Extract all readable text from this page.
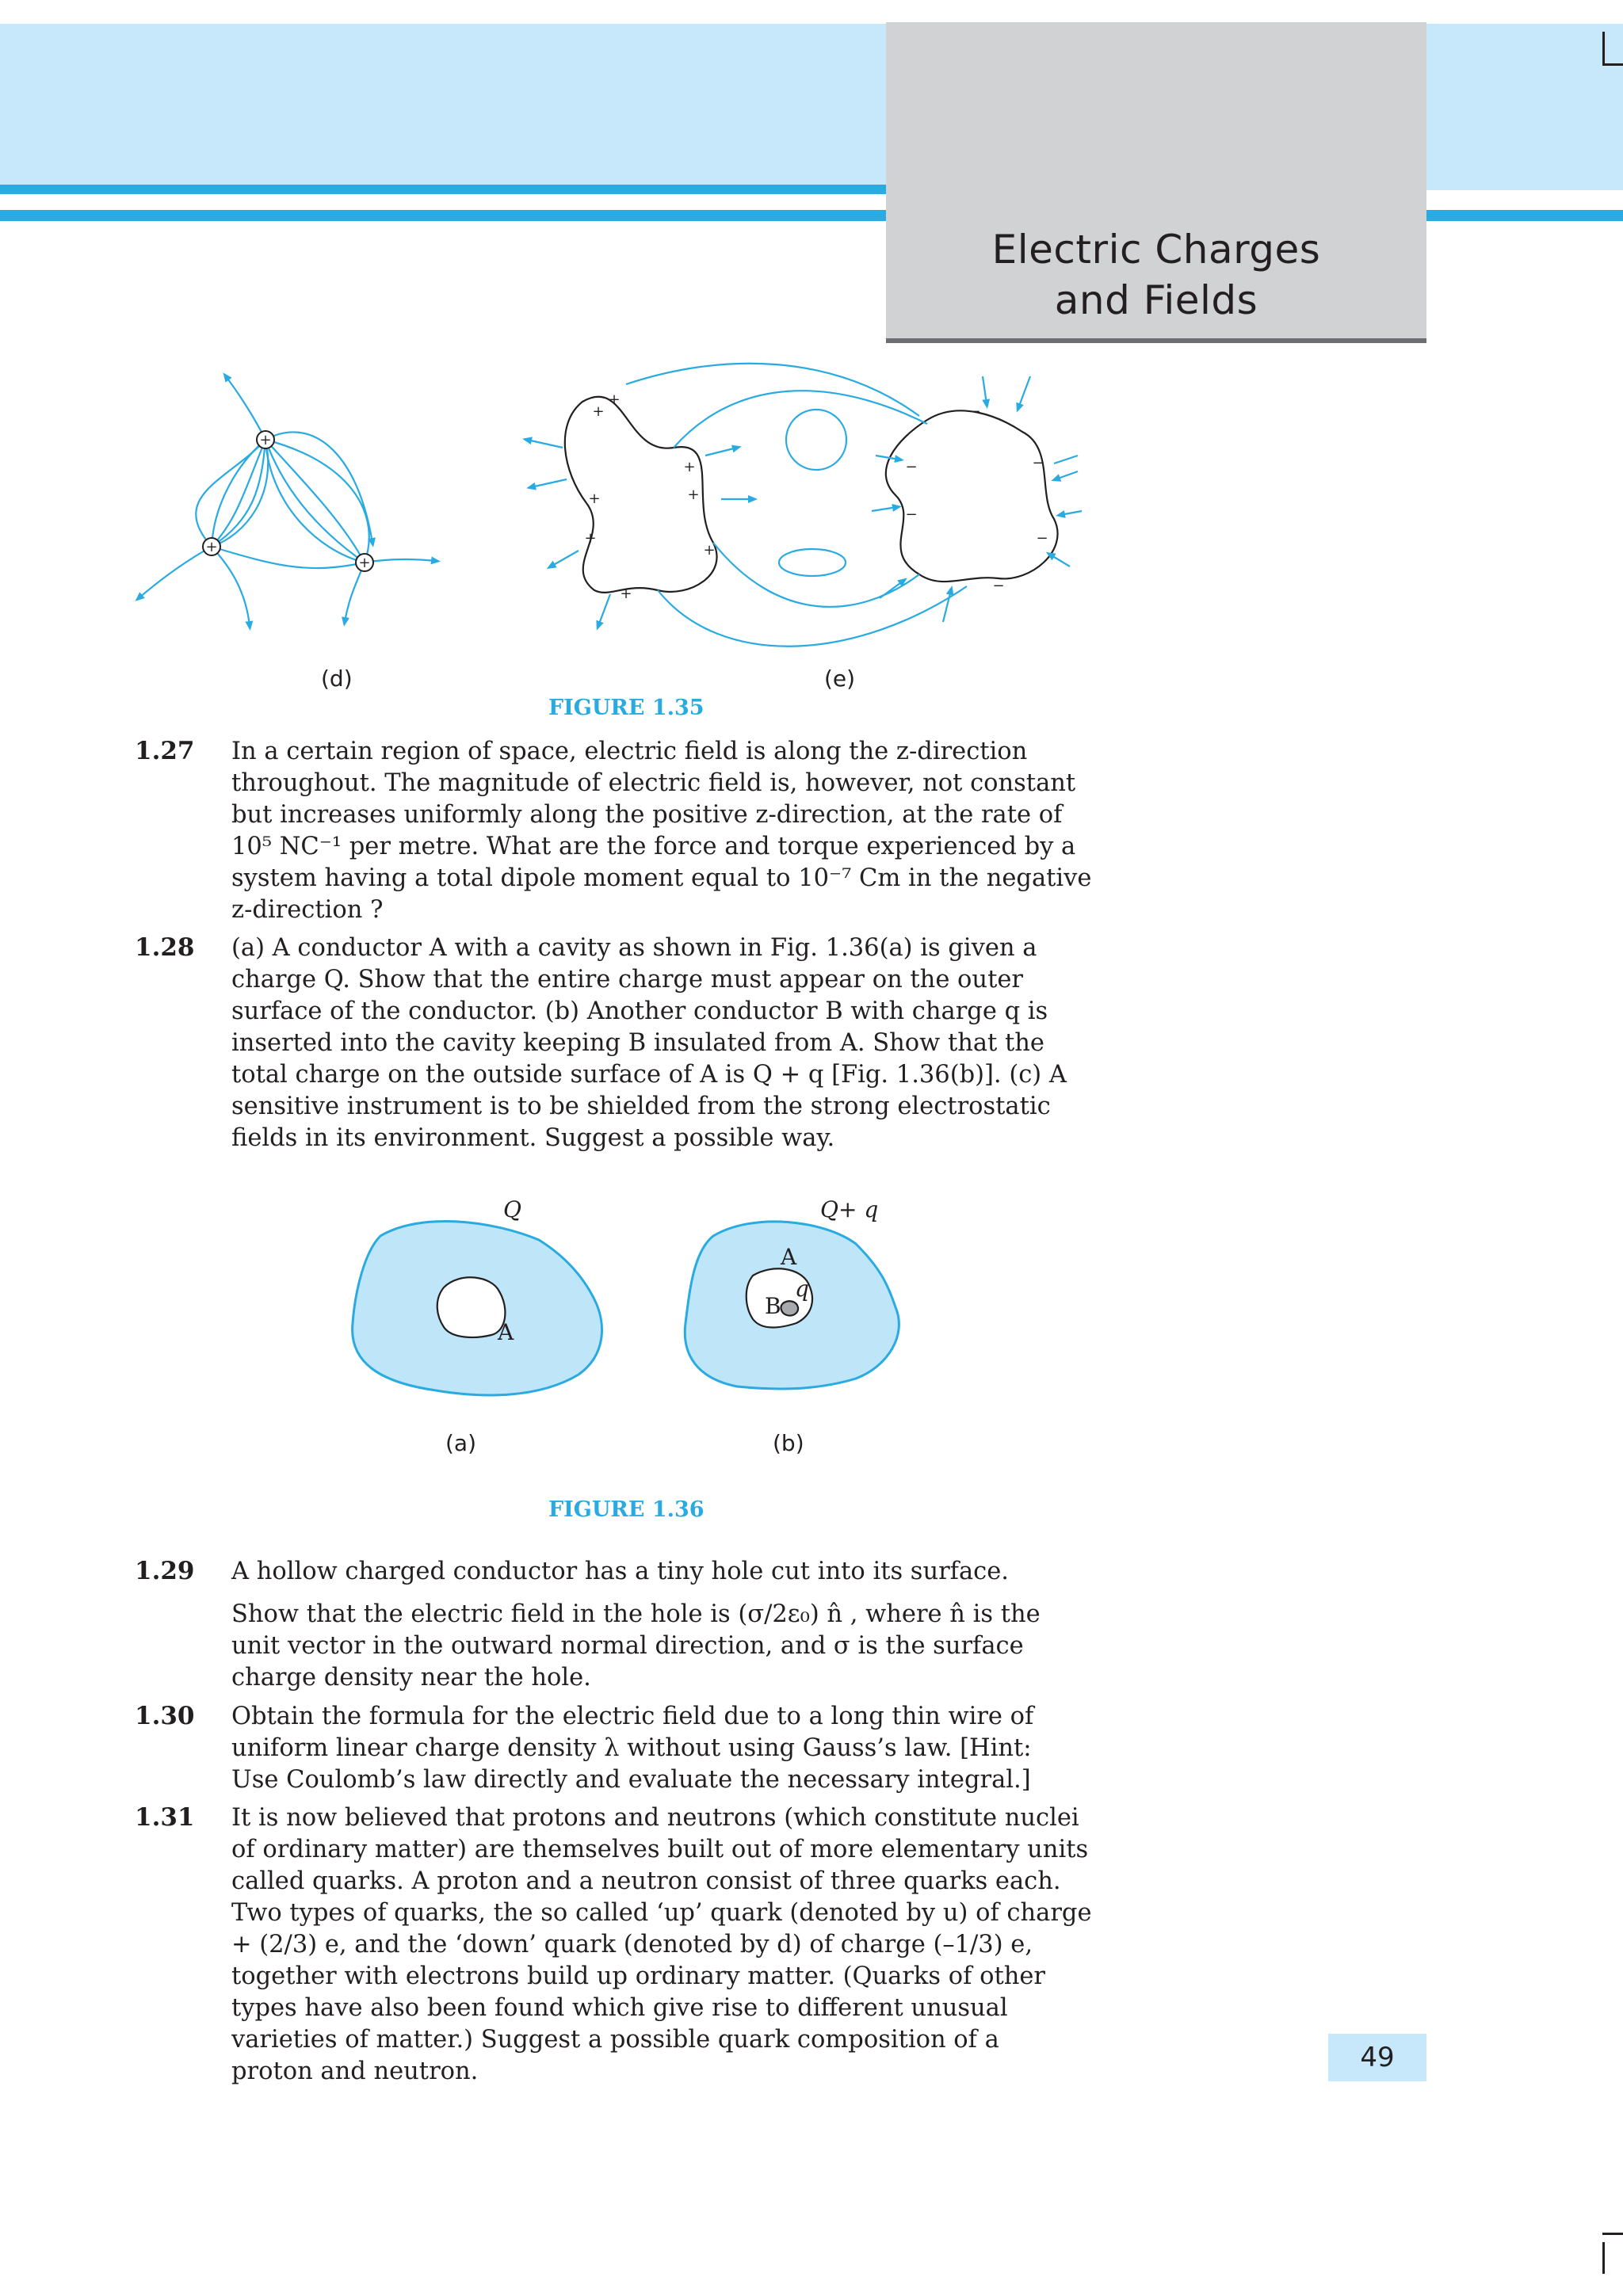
Electric Charges
and Fields
+
+
+
+
+
+
+
+
+
+
+
−
−
−
−
−
−
(d)	(e)
FIGURE 1.35
1.27	In a certain region of space, electric field is along the z-direction

throughout. The magnitude of electric field is, however, not constant

but increases uniformly along the positive z-direction, at the rate of

10⁵ NC⁻¹ per metre. What are the force and torque experienced by a

system having a total dipole moment equal to 10⁻⁷ Cm in the negative

z-direction ?

1.28	(a) A conductor A with a cavity as shown in Fig. 1.36(a) is given a

charge Q. Show that the entire charge must appear on the outer

surface of the conductor. (b) Another conductor B with charge q is

inserted into the cavity keeping B insulated from A. Show that the

total charge on the outside surface of A is Q + q [Fig. 1.36(b)]. (c) A

sensitive instrument is to be shielded from the strong electrostatic

fields in its environment. Suggest a possible way.

Q	Q+ q
A
A
B
q
(a)	(b)
FIGURE 1.36
1.29	A hollow charged conductor has a tiny hole cut into its surface.

Show that the electric field in the hole is (σ/2ε₀) n̂ , where n̂ is the

unit vector in the outward normal direction, and σ is the surface

charge density near the hole.

1.30	Obtain the formula for the electric field due to a long thin wire of

uniform linear charge density λ without using Gauss’s law. [Hint:

Use Coulomb’s law directly and evaluate the necessary integral.]

1.31	It is now believed that protons and neutrons (which constitute nuclei

of ordinary matter) are themselves built out of more elementary units

called quarks. A proton and a neutron consist of three quarks each.

Two types of quarks, the so called ‘up’ quark (denoted by u) of charge

+ (2/3) e, and the ‘down’ quark (denoted by d) of charge (–1/3) e,

together with electrons build up ordinary matter. (Quarks of other

types have also been found which give rise to different unusual

varieties of matter.) Suggest a possible quark composition of a

proton and neutron.	49
